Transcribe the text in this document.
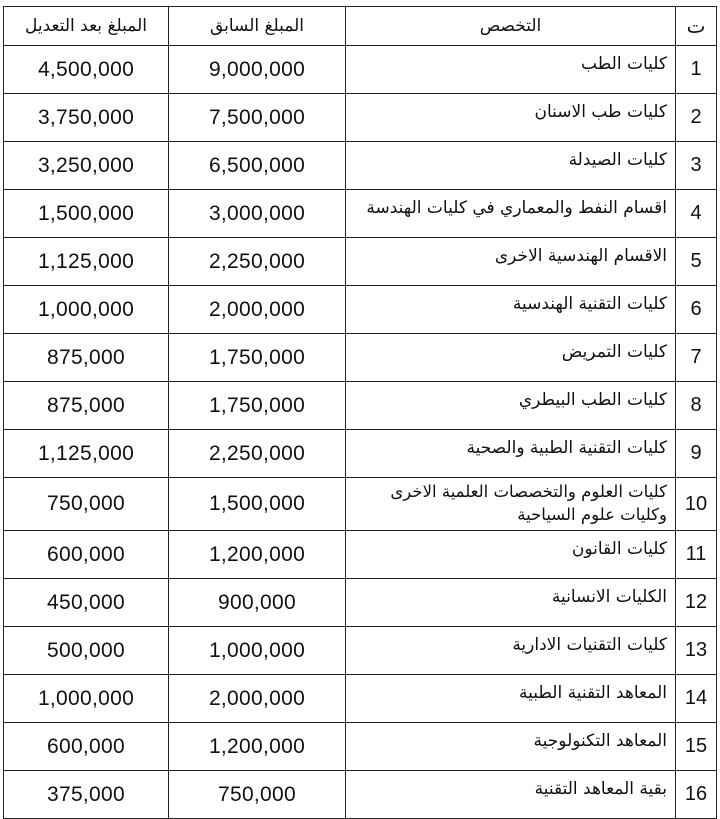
المبلغ بعد التعديل	المبلغ السابق	التخصص	ت
4,500,000	9,000,000	كليات الطب	1
3,750,000	7,500,000	كليات طب الاسنان	2
3,250,000	6,500,000	كليات الصيدلة	3
1,500,000	3,000,000	اقسام النفط والمعماري في كليات الهندسة	4
1,125,000	2,250,000	الاقسام الهندسية الاخرى	5
1,000,000	2,000,000	كليات التقنية الهندسية	6
875,000	1,750,000	كليات التمريض	7
875,000	1,750,000	كليات الطب البيطري	8
1,125,000	2,250,000	كليات التقنية الطبية والصحية	9
750,000	1,500,000	كليات العلوم والتخصصات العلمية الاخرى وكليات علوم السياحية	10
600,000	1,200,000	كليات القانون	11
450,000	900,000	الكليات الانسانية	12
500,000	1,000,000	كليات التقنيات الادارية	13
1,000,000	2,000,000	المعاهد التقنية الطبية	14
600,000	1,200,000	المعاهد التكنولوجية	15
375,000	750,000	بقية المعاهد التقنية	16
